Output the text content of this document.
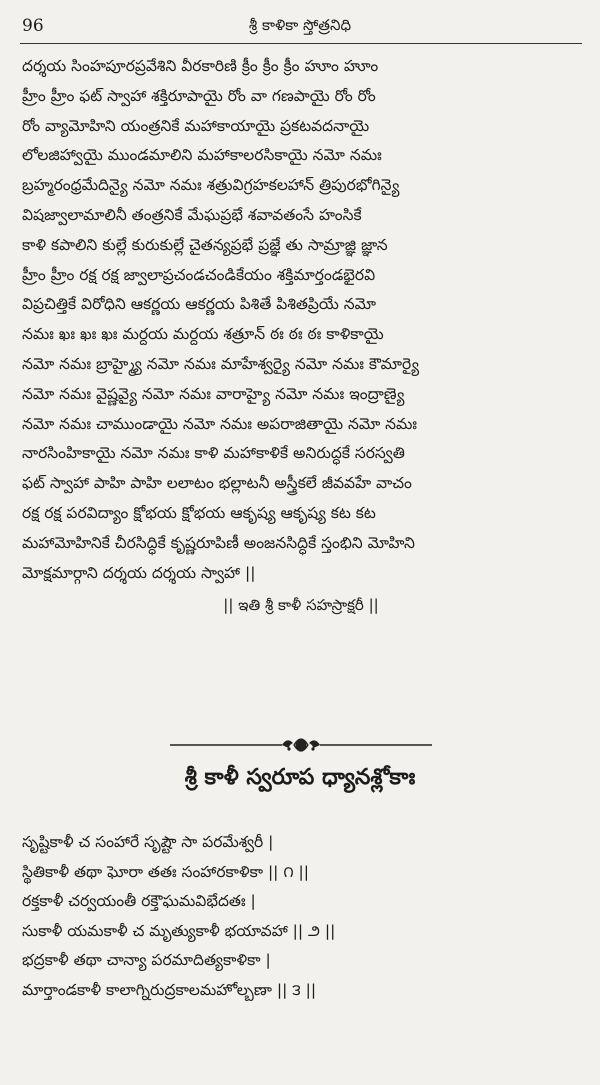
96	శ్రీ కాళికా స్తోత్రనిధి
దర్శయ సింహపూరప్రవేశిని వీరకారిణి క్రీం క్రీం క్రీం హూం హూం
హ్రీం హ్రీం ఫట్ స్వాహా శక్తిరూపాయై రోం వా గణపాయై రోం రోం
రోం వ్యామోహిని యంత్రనికే మహాకాయాయై ప్రకటవదనాయై
లోలజిహ్వాయై ముండమాలిని మహాకాలరసికాయై నమో నమః
బ్రహ్మరంధ్రమేదిన్యై నమో నమః శత్రువిగ్రహకలహాన్ త్రిపురభోగిన్యై
విషజ్వాలామాలినీ తంత్రనికే మేఘప్రభే శవావతంసే హంసికే
కాళి కపాలిని కుల్లే కురుకుల్లే చైతన్యప్రభే ప్రజ్ఞే తు సామ్రాజ్ఞి జ్ఞాన
హ్రీం హ్రీం రక్ష రక్ష జ్వాలాప్రచండచండికేయం శక్తిమార్తండభైరవి
విప్రచిత్తికే విరోధిని ఆకర్ణయ ఆకర్ణయ పిశితే పిశితప్రియే నమో
నమః ఖః ఖః ఖః మర్దయ మర్దయ శత్రూన్ ఠః ఠః ఠః కాళికాయై
నమో నమః బ్రాహ్మ్యై నమో నమః మాహేశ్వర్యై నమో నమః కౌమార్యై
నమో నమః వైష్ణవ్యై నమో నమః వారాహ్యై నమో నమః ఇంద్రాణ్యై
నమో నమః చాముండాయై నమో నమః అపరాజితాయై నమో నమః
నారసింహికాయై నమో నమః కాళి మహాకాళికే అనిరుద్ధకే సరస్వతి
ఫట్ స్వాహా పాహి పాహి లలాటం భల్లాటనీ అస్త్రీకలే జీవవహే వాచం
రక్ష రక్ష పరవిద్యాం క్షోభయ క్షోభయ ఆకృష్య ఆకృష్య కట కట
మహామోహినికే చీరసిద్ధికే కృష్ణరూపిణీ అంజనసిద్ధికే స్తంభిని మోహిని
మోక్షమార్గాని దర్శయ దర్శయ స్వాహా ||
|| ఇతి శ్రీ కాళీ సహస్రాక్షరీ ||
శ్రీ కాళీ స్వరూప ధ్యానశ్లోకాః
సృష్టికాళీ చ సంహారే సృష్టౌ సా పరమేశ్వరీ |
స్థితికాళీ తథా ఘోరా తతః సంహారకాళికా || ౧ ||
రక్తకాళీ చర్వయంతీ రక్తౌఘమవిభేదతః |
సుకాళీ యమకాళీ చ మృత్యుకాళీ భయావహా || ౨ ||
భద్రకాళీ తథా చాన్యా పరమాదిత్యకాళికా |
మార్తాండకాళీ కాలాగ్నిరుద్రకాలమహోల్బణా || ౩ ||
